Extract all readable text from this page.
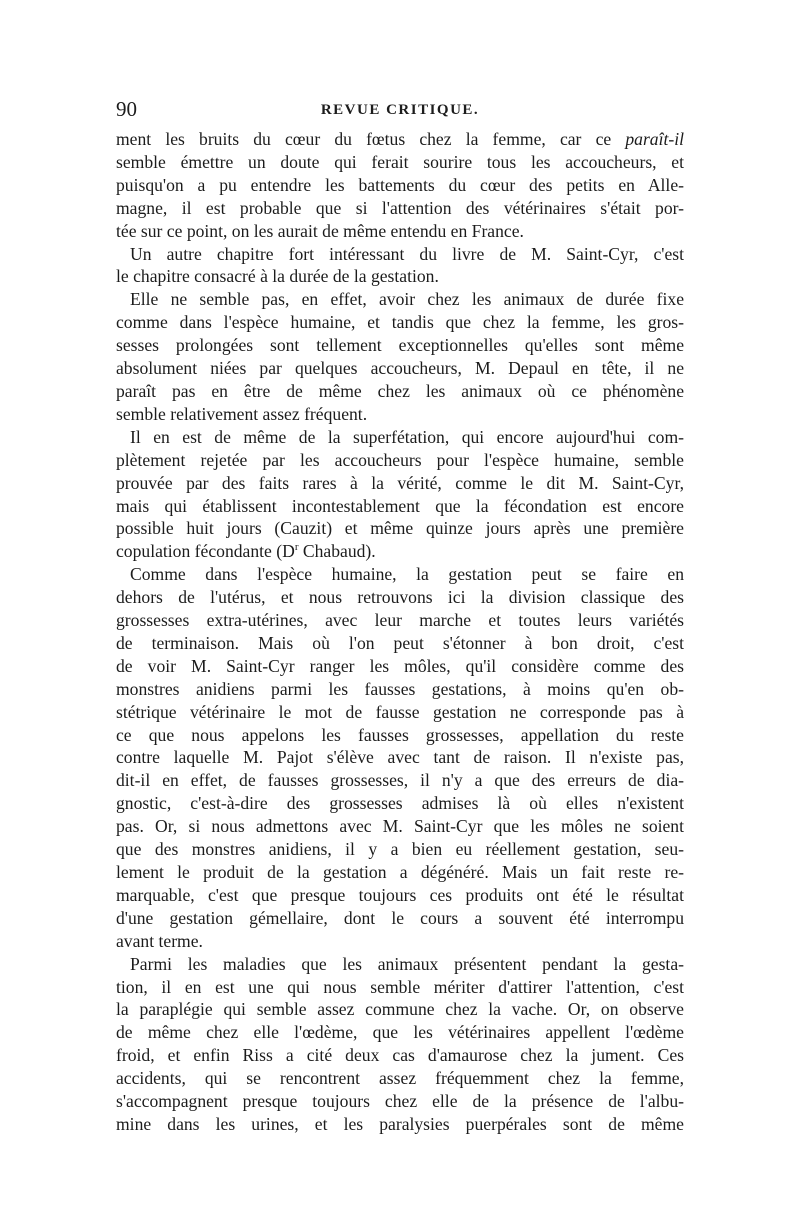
90	REVUE CRITIQUE.
ment les bruits du cœur du fœtus chez la femme, car ce paraît-il
semble émettre un doute qui ferait sourire tous les accoucheurs, et
puisqu'on a pu entendre les battements du cœur des petits en Alle-
magne, il est probable que si l'attention des vétérinaires s'était por-
tée sur ce point, on les aurait de même entendu en France.
Un autre chapitre fort intéressant du livre de M. Saint-Cyr, c'est
le chapitre consacré à la durée de la gestation.
Elle ne semble pas, en effet, avoir chez les animaux de durée fixe
comme dans l'espèce humaine, et tandis que chez la femme, les gros-
sesses prolongées sont tellement exceptionnelles qu'elles sont même
absolument niées par quelques accoucheurs, M. Depaul en tête, il ne
paraît pas en être de même chez les animaux où ce phénomène
semble relativement assez fréquent.
Il en est de même de la superfétation, qui encore aujourd'hui com-
plètement rejetée par les accoucheurs pour l'espèce humaine, semble
prouvée par des faits rares à la vérité, comme le dit M. Saint-Cyr,
mais qui établissent incontestablement que la fécondation est encore
possible huit jours (Cauzit) et même quinze jours après une première
copulation fécondante ($D^r$ Chabaud).
Comme dans l'espèce humaine, la gestation peut se faire en
dehors de l'utérus, et nous retrouvons ici la division classique des
grossesses extra-utérines, avec leur marche et toutes leurs variétés
de terminaison. Mais où l'on peut s'étonner à bon droit, c'est
de voir M. Saint-Cyr ranger les môles, qu'il considère comme des
monstres anidiens parmi les fausses gestations, à moins qu'en ob-
stétrique vétérinaire le mot de fausse gestation ne corresponde pas à
ce que nous appelons les fausses grossesses, appellation du reste
contre laquelle M. Pajot s'élève avec tant de raison. Il n'existe pas,
dit-il en effet, de fausses grossesses, il n'y a que des erreurs de dia-
gnostic, c'est-à-dire des grossesses admises là où elles n'existent
pas. Or, si nous admettons avec M. Saint-Cyr que les môles ne soient
que des monstres anidiens, il y a bien eu réellement gestation, seu-
lement le produit de la gestation a dégénéré. Mais un fait reste re-
marquable, c'est que presque toujours ces produits ont été le résultat
d'une gestation gémellaire, dont le cours a souvent été interrompu
avant terme.
Parmi les maladies que les animaux présentent pendant la gesta-
tion, il en est une qui nous semble mériter d'attirer l'attention, c'est
la paraplégie qui semble assez commune chez la vache. Or, on observe
de même chez elle l'œdème, que les vétérinaires appellent l'œdème
froid, et enfin Riss a cité deux cas d'amaurose chez la jument. Ces
accidents, qui se rencontrent assez fréquemment chez la femme,
s'accompagnent presque toujours chez elle de la présence de l'albu-
mine dans les urines, et les paralysies puerpérales sont de même
